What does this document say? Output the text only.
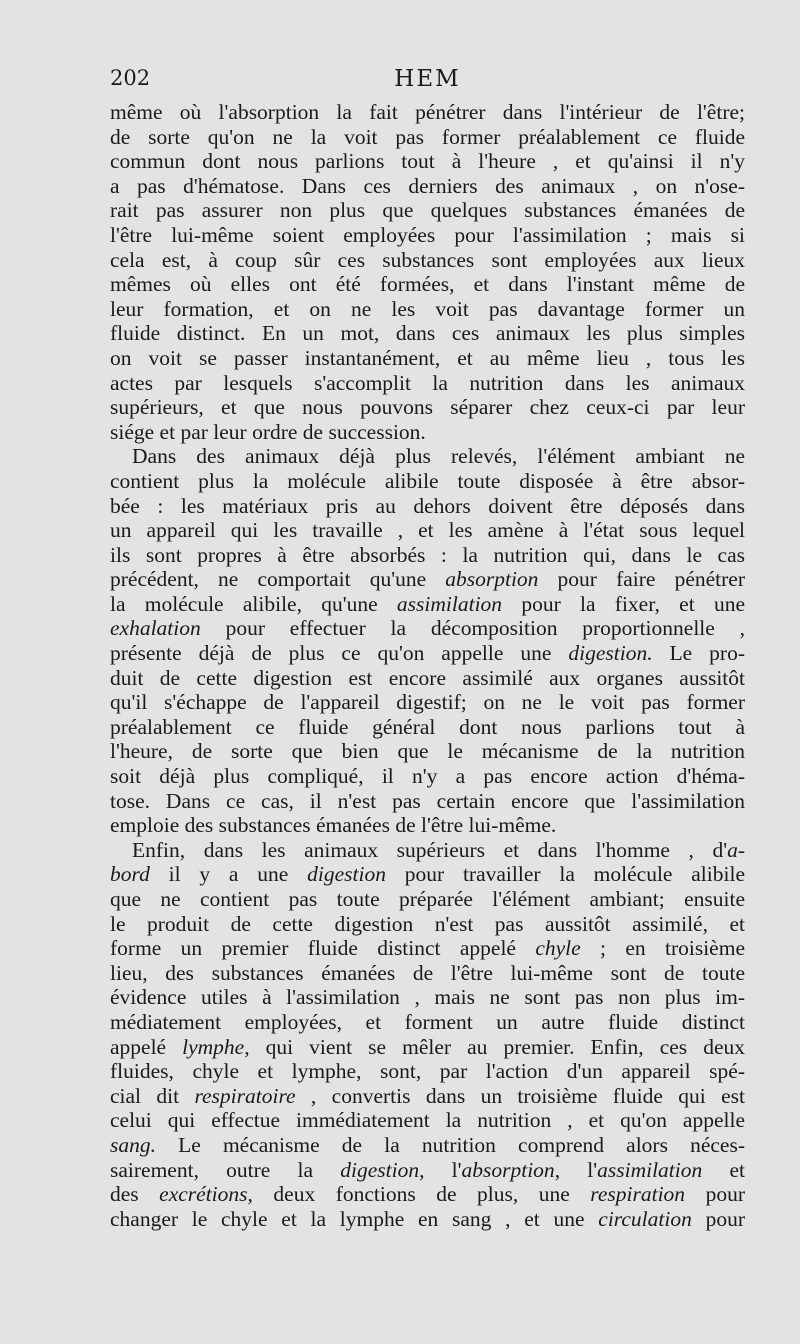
202	HEM
même où l'absorption la fait pénétrer dans l'intérieur de l'être;
de sorte qu'on ne la voit pas former préalablement ce fluide
commun dont nous parlions tout à l'heure , et qu'ainsi il n'y
a pas d'hématose. Dans ces derniers des animaux , on n'ose-
rait pas assurer non plus que quelques substances émanées de
l'être lui-même soient employées pour l'assimilation ; mais si
cela est, à coup sûr ces substances sont employées aux lieux
mêmes où elles ont été formées, et dans l'instant même de
leur formation, et on ne les voit pas davantage former un
fluide distinct. En un mot, dans ces animaux les plus simples
on voit se passer instantanément, et au même lieu , tous les
actes par lesquels s'accomplit la nutrition dans les animaux
supérieurs, et que nous pouvons séparer chez ceux-ci par leur
siége et par leur ordre de succession.
Dans des animaux déjà plus relevés, l'élément ambiant ne
contient plus la molécule alibile toute disposée à être absor-
bée : les matériaux pris au dehors doivent être déposés dans
un appareil qui les travaille , et les amène à l'état sous lequel
ils sont propres à être absorbés : la nutrition qui, dans le cas
précédent, ne comportait qu'une absorption pour faire pénétrer
la molécule alibile, qu'une assimilation pour la fixer, et une
exhalation pour effectuer la décomposition proportionnelle ,
présente déjà de plus ce qu'on appelle une digestion. Le pro-
duit de cette digestion est encore assimilé aux organes aussitôt
qu'il s'échappe de l'appareil digestif; on ne le voit pas former
préalablement ce fluide général dont nous parlions tout à
l'heure, de sorte que bien que le mécanisme de la nutrition
soit déjà plus compliqué, il n'y a pas encore action d'héma-
tose. Dans ce cas, il n'est pas certain encore que l'assimilation
emploie des substances émanées de l'être lui-même.
Enfin, dans les animaux supérieurs et dans l'homme , d'a-
bord il y a une digestion pour travailler la molécule alibile
que ne contient pas toute préparée l'élément ambiant; ensuite
le produit de cette digestion n'est pas aussitôt assimilé, et
forme un premier fluide distinct appelé chyle ; en troisième
lieu, des substances émanées de l'être lui-même sont de toute
évidence utiles à l'assimilation , mais ne sont pas non plus im-
médiatement employées, et forment un autre fluide distinct
appelé lymphe, qui vient se mêler au premier. Enfin, ces deux
fluides, chyle et lymphe, sont, par l'action d'un appareil spé-
cial dit respiratoire , convertis dans un troisième fluide qui est
celui qui effectue immédiatement la nutrition , et qu'on appelle
sang. Le mécanisme de la nutrition comprend alors néces-
sairement, outre la digestion, l'absorption, l'assimilation et
des excrétions, deux fonctions de plus, une respiration pour
changer le chyle et la lymphe en sang , et une circulation pour
